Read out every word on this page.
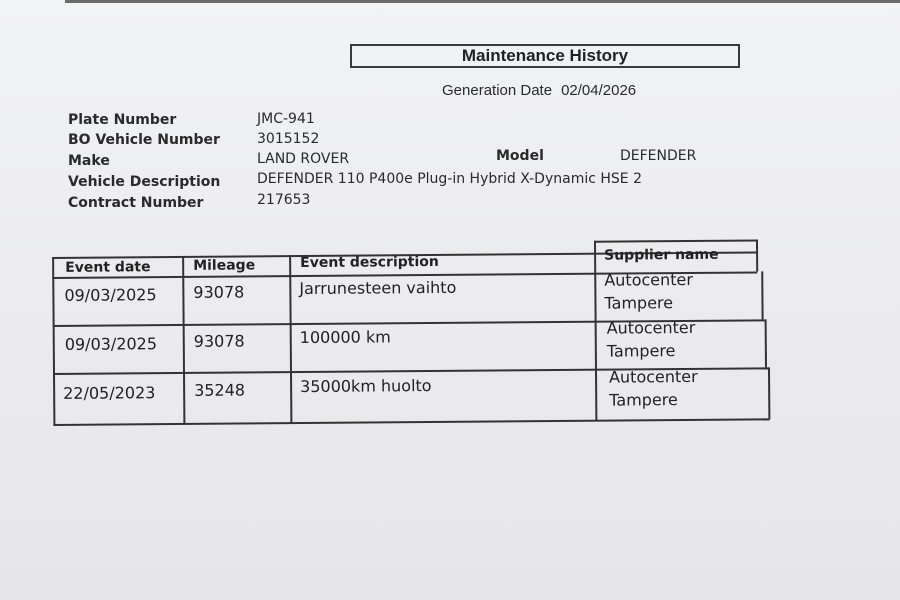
Maintenance History
Generation Date 02/04/2026
Plate Number	JMC-941
BO Vehicle Number	3015152
Make	LAND ROVER	Model	DEFENDER
Vehicle Description	DEFENDER 110 P400e Plug-in Hybrid X-Dynamic HSE 2
Contract Number	217653
Event date	Mileage	Event description	Supplier name
09/03/2025 93078	Jarrunesteen vaihto	Autocenter
Tampere
09/03/2025 93078	100000 km	Autocenter
Tampere
22/05/2023 35248	35000km huolto	Autocenter
Tampere
